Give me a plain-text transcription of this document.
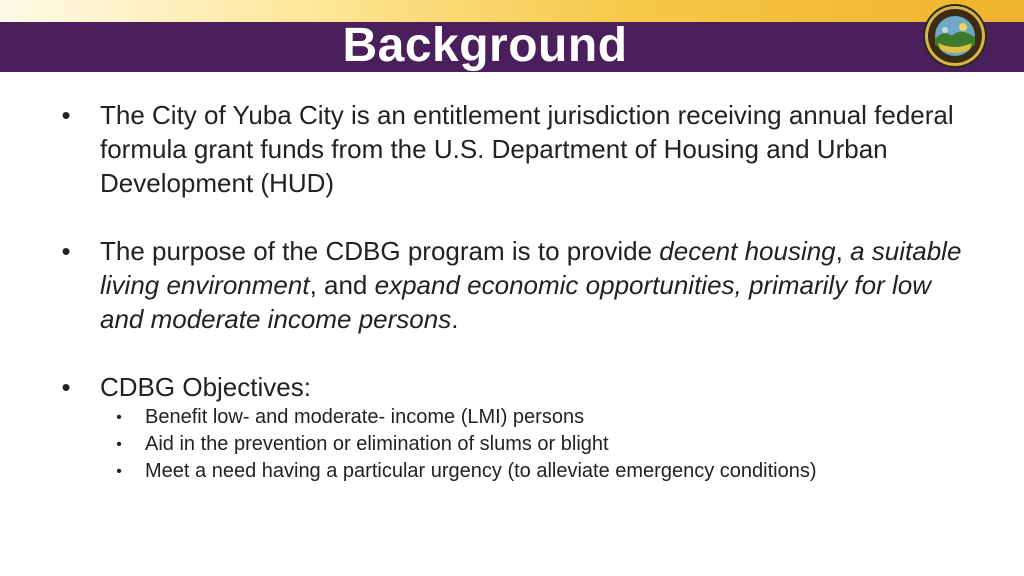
Background
• The City of Yuba City is an entitlement jurisdiction receiving annual federal formula grant funds from the U.S. Department of Housing and Urban Development (HUD)
• The purpose of the CDBG program is to provide decent housing, a suitable living environment, and expand economic opportunities, primarily for low and moderate income persons.
• CDBG Objectives:
• Benefit low- and moderate- income (LMI) persons
• Aid in the prevention or elimination of slums or blight
• Meet a need having a particular urgency (to alleviate emergency conditions)
